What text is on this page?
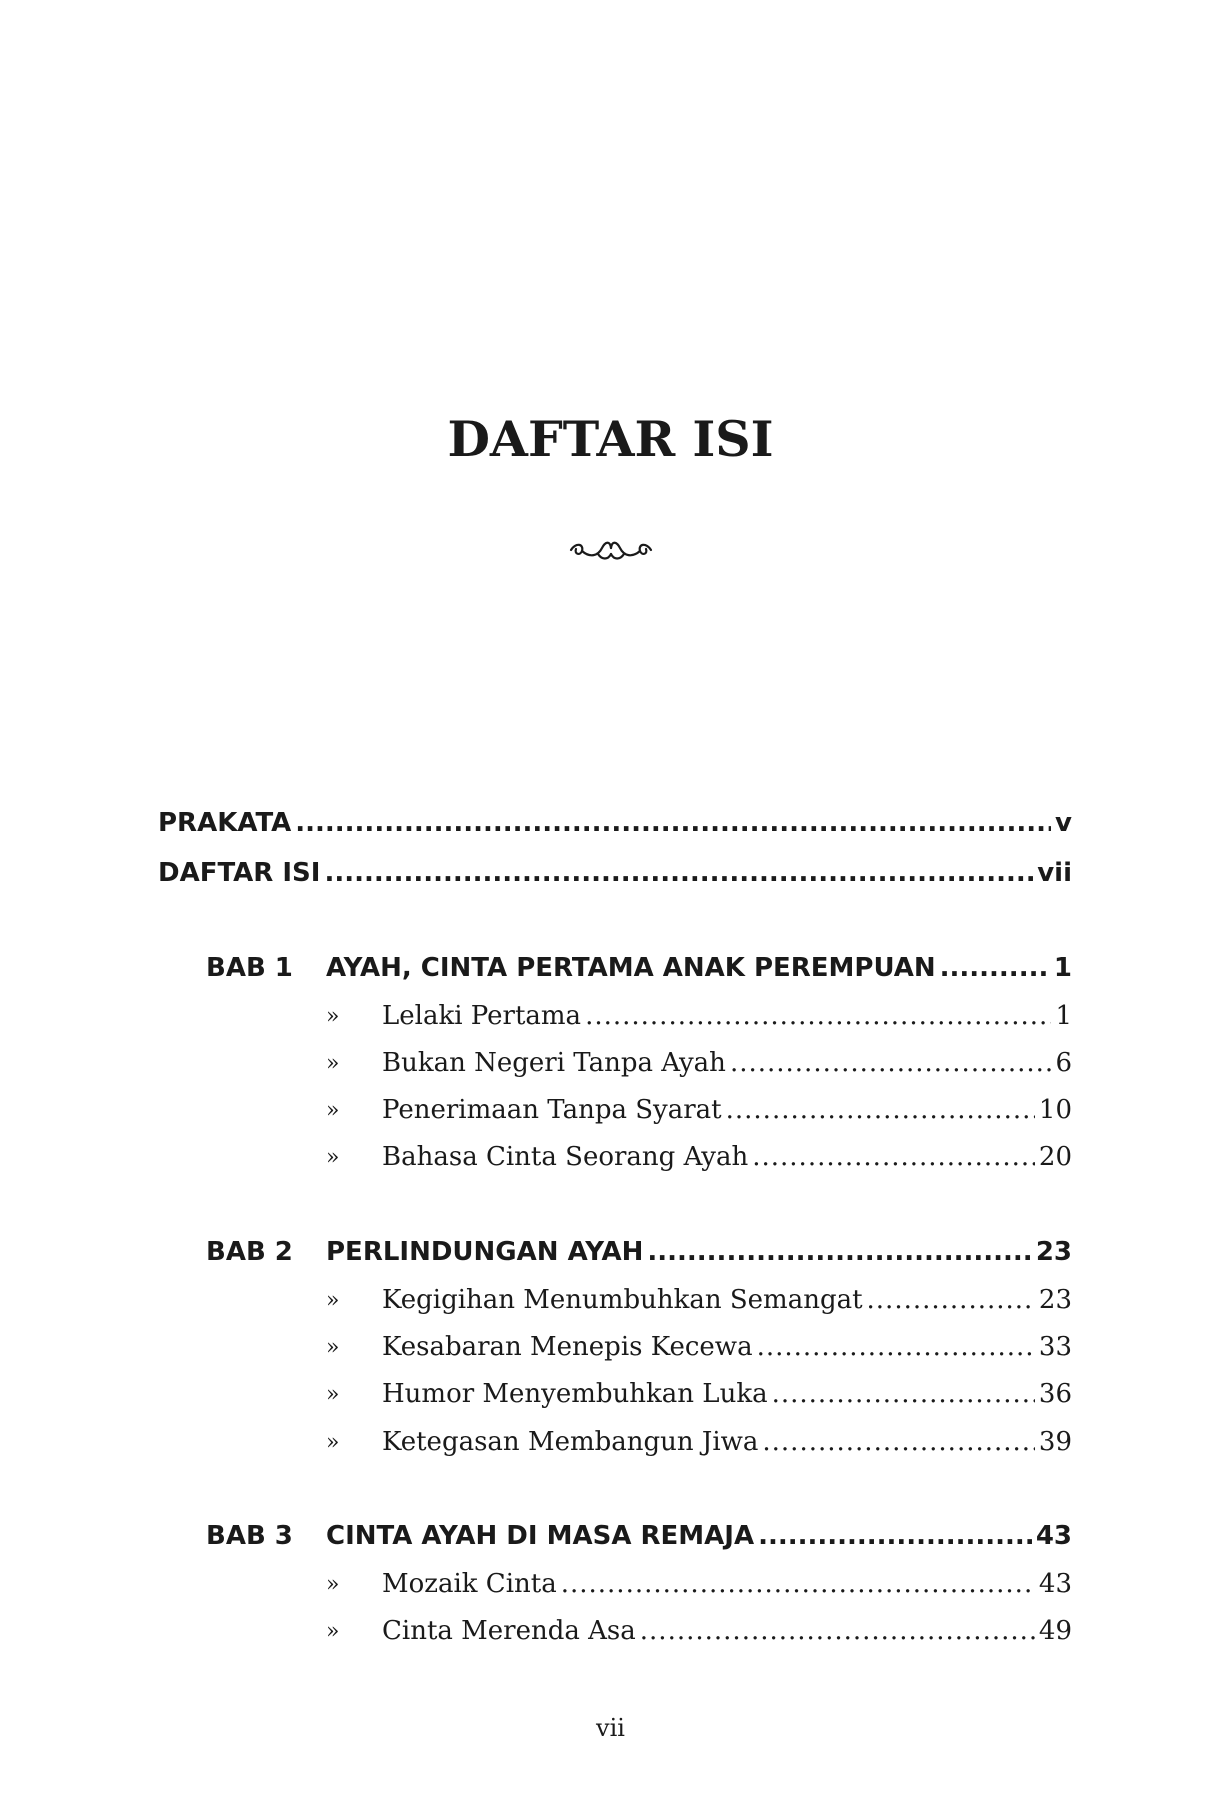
DAFTAR ISI
PRAKATA .....	v
DAFTAR ISI .....	vii
BAB 1 AYAH, CINTA PERTAMA ANAK PEREMPUAN .....	1
» Lelaki Pertama .....	1
» Bukan Negeri Tanpa Ayah .....	6
» Penerimaan Tanpa Syarat .....	10
» Bahasa Cinta Seorang Ayah .....	20
BAB 2 PERLINDUNGAN AYAH .....	23
» Kegigihan Menumbuhkan Semangat .....	23
» Kesabaran Menepis Kecewa .....	33
» Humor Menyembuhkan Luka .....	36
» Ketegasan Membangun Jiwa .....	39
BAB 3 CINTA AYAH DI MASA REMAJA .....	43
» Mozaik Cinta .....	43
» Cinta Merenda Asa .....	49
vii
